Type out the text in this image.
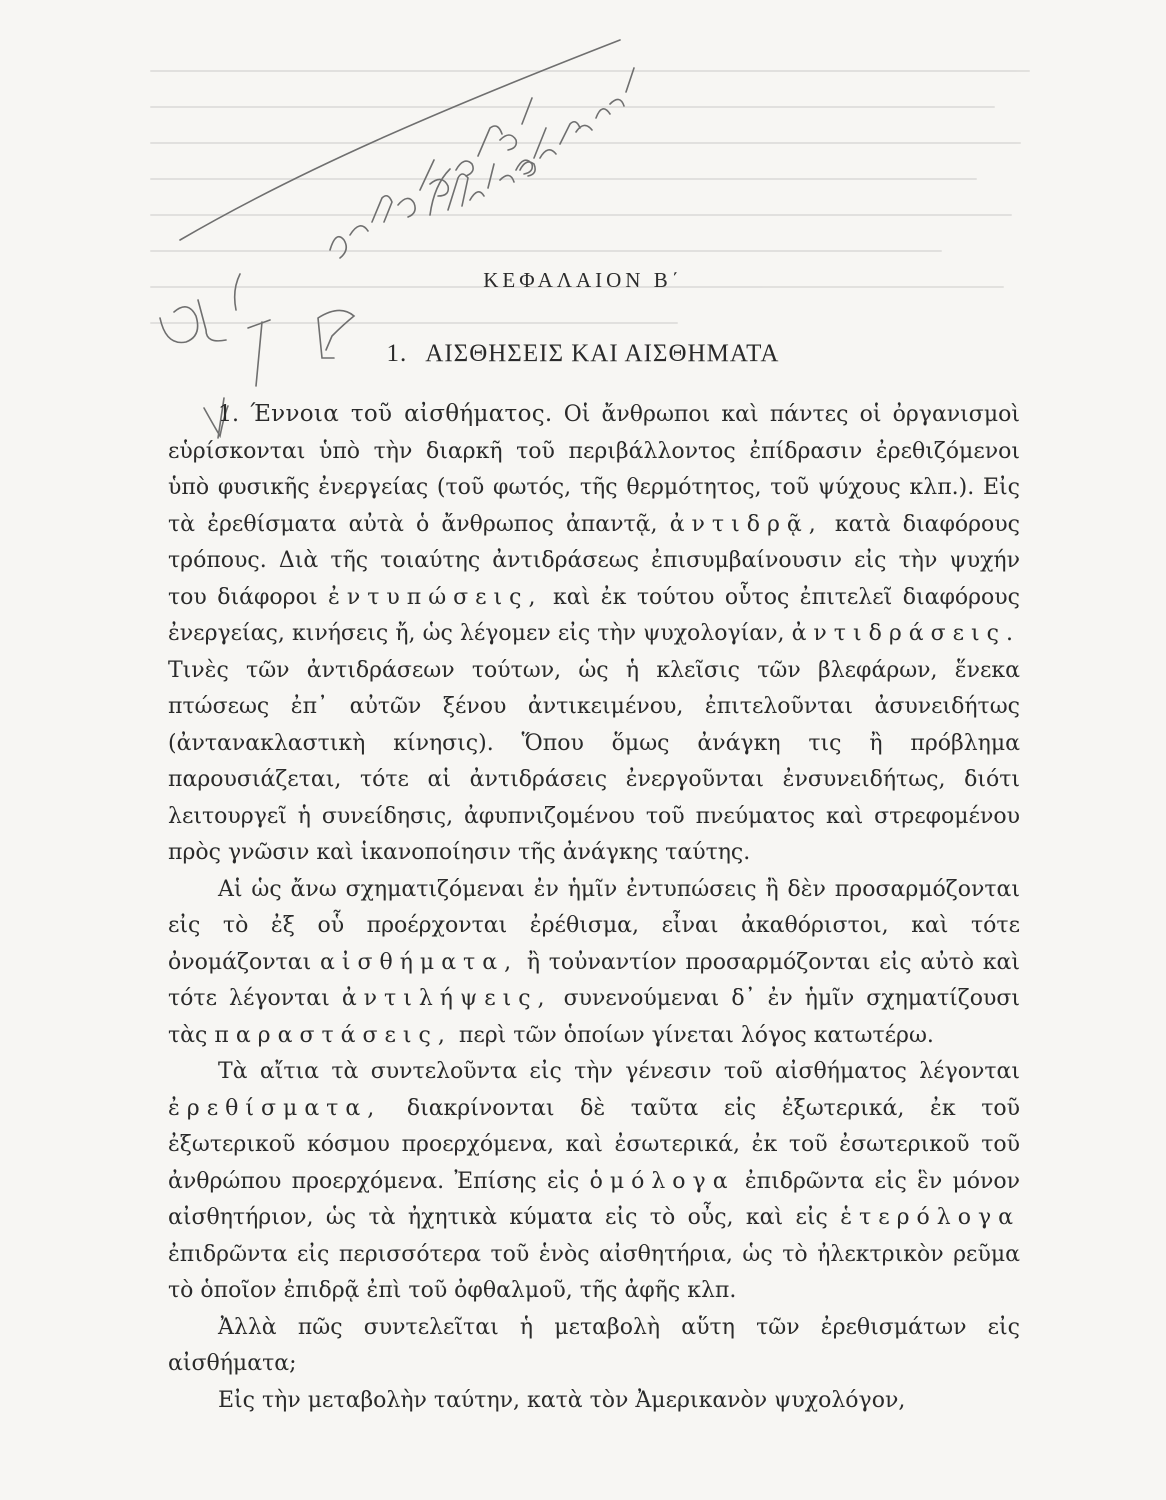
ΚΕΦΑΛΑΙΟΝ Β΄
1. ΑΙΣΘΗΣΕΙΣ ΚΑΙ ΑΙΣΘΗΜΑΤΑ

1. Έννοια τοῦ αἰσθήματος. Οἱ ἄνθρωποι καὶ πάντες οἱ ὀργανισμοὶ εὑρίσκονται ὑπὸ τὴν διαρκῆ τοῦ περιβάλλοντος ἐπίδρασιν ἐρεθιζόμενοι ὑπὸ φυσικῆς ἐνεργείας (τοῦ φωτός, τῆς θερμότητος, τοῦ ψύχους κλπ.). Εἰς τὰ ἐρεθίσματα αὐτὰ ὁ ἄνθρωπος ἀπαντᾷ, ἀντιδρᾷ, κατὰ διαφόρους τρόπους. Διὰ τῆς τοιαύτης ἀντιδράσεως ἐπισυμβαίνουσιν εἰς τὴν ψυχήν του διάφοροι ἐντυπώσεις, καὶ ἐκ τούτου οὗτος ἐπιτελεῖ διαφόρους ἐνεργείας, κινήσεις ἤ, ὡς λέγομεν εἰς τὴν ψυχολογίαν, ἀντιδράσεις. Τινὲς τῶν ἀντιδράσεων τούτων, ὡς ἡ κλεῖσις τῶν βλεφάρων, ἕνεκα πτώσεως ἐπ᾽ αὐτῶν ξένου ἀντικειμένου, ἐπιτελοῦνται ἀσυνειδήτως (ἀντανακλαστικὴ κίνησις). Ὅπου ὅμως ἀνάγκη τις ἢ πρόβλημα παρουσιάζεται, τότε αἱ ἀντιδράσεις ἐνεργοῦνται ἐνσυνειδήτως, διότι λειτουργεῖ ἡ συνείδησις, ἀφυπνιζομένου τοῦ πνεύματος καὶ στρεφομένου πρὸς γνῶσιν καὶ ἱκανοποίησιν τῆς ἀνάγκης ταύτης.

Αἱ ὡς ἄνω σχηματιζόμεναι ἐν ἡμῖν ἐντυπώσεις ἢ δὲν προσαρμόζονται εἰς τὸ ἐξ οὗ προέρχονται ἐρέθισμα, εἶναι ἀκαθόριστοι, καὶ τότε ὀνομάζονται αἰσθήματα, ἢ τοὐναντίον προσαρμόζονται εἰς αὐτὸ καὶ τότε λέγονται ἀντιλήψεις, συνενούμεναι δ᾽ ἐν ἡμῖν σχηματίζουσι τὰς παραστάσεις, περὶ τῶν ὁποίων γίνεται λόγος κατωτέρω.

Τὰ αἴτια τὰ συντελοῦντα εἰς τὴν γένεσιν τοῦ αἰσθήματος λέγονται ἐρεθίσματα, διακρίνονται δὲ ταῦτα εἰς ἐξωτερικά, ἐκ τοῦ ἐξωτερικοῦ κόσμου προερχόμενα, καὶ ἐσωτερικά, ἐκ τοῦ ἐσωτερικοῦ τοῦ ἀνθρώπου προερχόμενα. Ἐπίσης εἰς ὁμόλογα ἐπιδρῶντα εἰς ἓν μόνον αἰσθητήριον, ὡς τὰ ἠχητικὰ κύματα εἰς τὸ οὖς, καὶ εἰς ἑτερόλογα ἐπιδρῶντα εἰς περισσότερα τοῦ ἑνὸς αἰσθητήρια, ὡς τὸ ἠλεκτρικὸν ρεῦμα τὸ ὁποῖον ἐπιδρᾷ ἐπὶ τοῦ ὀφθαλμοῦ, τῆς ἀφῆς κλπ.

Ἀλλὰ πῶς συντελεῖται ἡ μεταβολὴ αὕτη τῶν ἐρεθισμάτων εἰς αἰσθήματα;

Εἰς τὴν μεταβολὴν ταύτην, κατὰ τὸν Ἀμερικανὸν ψυχολόγον,
